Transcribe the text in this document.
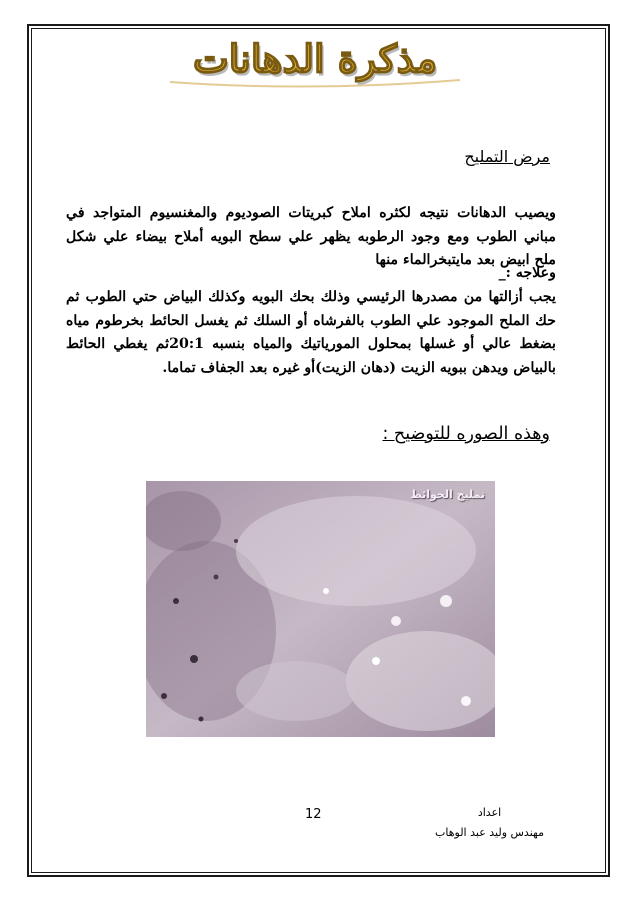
مذكرة الدهانات
مرض التمليح
ويصيب الدهانات نتيجه لكثره املاح كبريتات الصوديوم والمغنسيوم المتواجد في مباني الطوب ومع وجود الرطوبه يظهر علي سطح البويه أملاح بيضاء علي شكل ملح ابيض بعد مايتبخرالماء منها
وعلاجه :_
يجب أزالتها من مصدرها الرئيسي وذلك بحك البويه وكذلك البياض حتي الطوب ثم حك الملح الموجود علي الطوب بالفرشاه أو السلك ثم يغسل الحائط بخرطوم مياه بضغط عالي أو غسلها بمحلول المورياتيك والمياه بنسبه 20:1ثم يغطي الحائط بالبياض ويدهن ببويه الزيت (دهان الزيت)أو غيره بعد الجفاف تماما.
وهذه الصوره للتوضيح :
تمليح الحوائط
12	اعداد
مهندس وليد عبد الوهاب
